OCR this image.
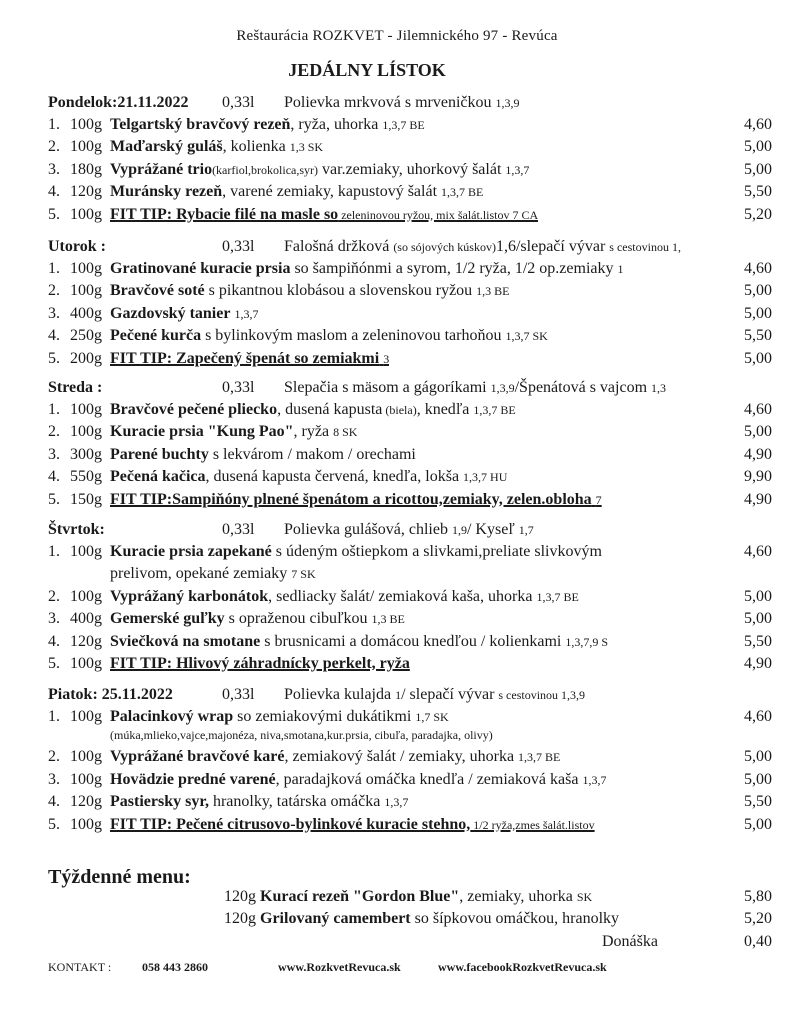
Reštaurácia ROZKVET - Jilemnického 97 - Revúca
JEDÁLNY LÍSTOK
Pondelok:21.11.2022 0,33l Polievka mrkvová s mrveničkou 1,3,9
1. 100g Telgartský bravčový rezeň, ryža, uhorka 1,3,7 BE	4,60
2. 100g Maďarský guláš, kolienka 1,3 SK	5,00
3. 180g Vyprážané trio(karfiol,brokolica,syr) var.zemiaky, uhorkový šalát 1,3,7	5,00
4. 120g Muránsky rezeň, varené zemiaky, kapustový šalát 1,3,7 BE	5,50
5. 100g FIT TIP: Rybacie filé na masle so zeleninovou ryžou, mix šalát.listov 7 CA	5,20
Utorok :	0,33l Falošná držková (so sójových kúskov)1,6/slepačí vývar s cestovinou 1,
1. 100g Gratinované kuracie prsia so šampiňónmi a syrom, 1/2 ryža, 1/2 op.zemiaky 1	4,60
2. 100g Bravčové soté s pikantnou klobásou a slovenskou ryžou 1,3 BE	5,00
3. 400g Gazdovský tanier 1,3,7	5,00
4. 250g Pečené kurča s bylinkovým maslom a zeleninovou tarhoňou 1,3,7 SK	5,50
5. 200g FIT TIP: Zapečený špenát so zemiakmi 3	5,00
Streda :	0,33l Slepačia s mäsom a gágoríkami 1,3,9/Špenátová s vajcom 1,3
1. 100g Bravčové pečené pliecko, dusená kapusta (biela), knedľa 1,3,7 BE	4,60
2. 100g Kuracie prsia "Kung Pao", ryža 8 SK	5,00
3. 300g Parené buchty s lekvárom / makom / orechami	4,90
4. 550g Pečená kačica, dusená kapusta červená, knedľa, lokša 1,3,7 HU	9,90
5. 150g FIT TIP:Sampiňóny plnené špenátom a ricottou,zemiaky, zelen.obloha 7	4,90
Štvrtok:	0,33l Polievka gulášová, chlieb 1,9/ Kyseľ 1,7
1. 100g Kuracie prsia zapekané s údeným oštiepkom a slivkami,preliate slivkovým	4,60
prelivom, opekané zemiaky 7 SK
2. 100g Vyprážaný karbonátok, sedliacky šalát/ zemiaková kaša, uhorka 1,3,7 BE	5,00
3. 400g Gemerské guľky s opraženou cibuľkou 1,3 BE	5,00
4. 120g Sviečková na smotane s brusnicami a domácou knedľou / kolienkami 1,3,7,9 S	5,50
5. 100g FIT TIP: Hlivový záhradnícky perkelt, ryža	4,90
Piatok: 25.11.2022	0,33l Polievka kulajda 1/ slepačí vývar s cestovinou 1,3,9
1. 100g Palacinkový wrap so zemiakovými dukátikmi 1,7 SK	4,60
(múka,mlieko,vajce,majonéza, niva,smotana,kur.prsia, cibuľa, paradajka, olivy)
2. 100g Vyprážané bravčové karé, zemiakový šalát / zemiaky, uhorka 1,3,7 BE	5,00
3. 100g Hovädzie predné varené, paradajková omáčka knedľa / zemiaková kaša 1,3,7	5,00
4. 120g Pastiersky syr, hranolky, tatárska omáčka 1,3,7	5,50
5. 100g FIT TIP: Pečené citrusovo-bylinkové kuracie stehno, 1/2 ryža,zmes šalát.listov	5,00
Týždenné menu:
120g Kurací rezeň "Gordon Blue", zemiaky, uhorka SK	5,80
120g Grilovaný camembert so šípkovou omáčkou, hranolky	5,20
Donáška	0,40
KONTAKT :	058 443 2860	www.RozkvetRevuca.sk	www.facebookRozkvetRevuca.sk
